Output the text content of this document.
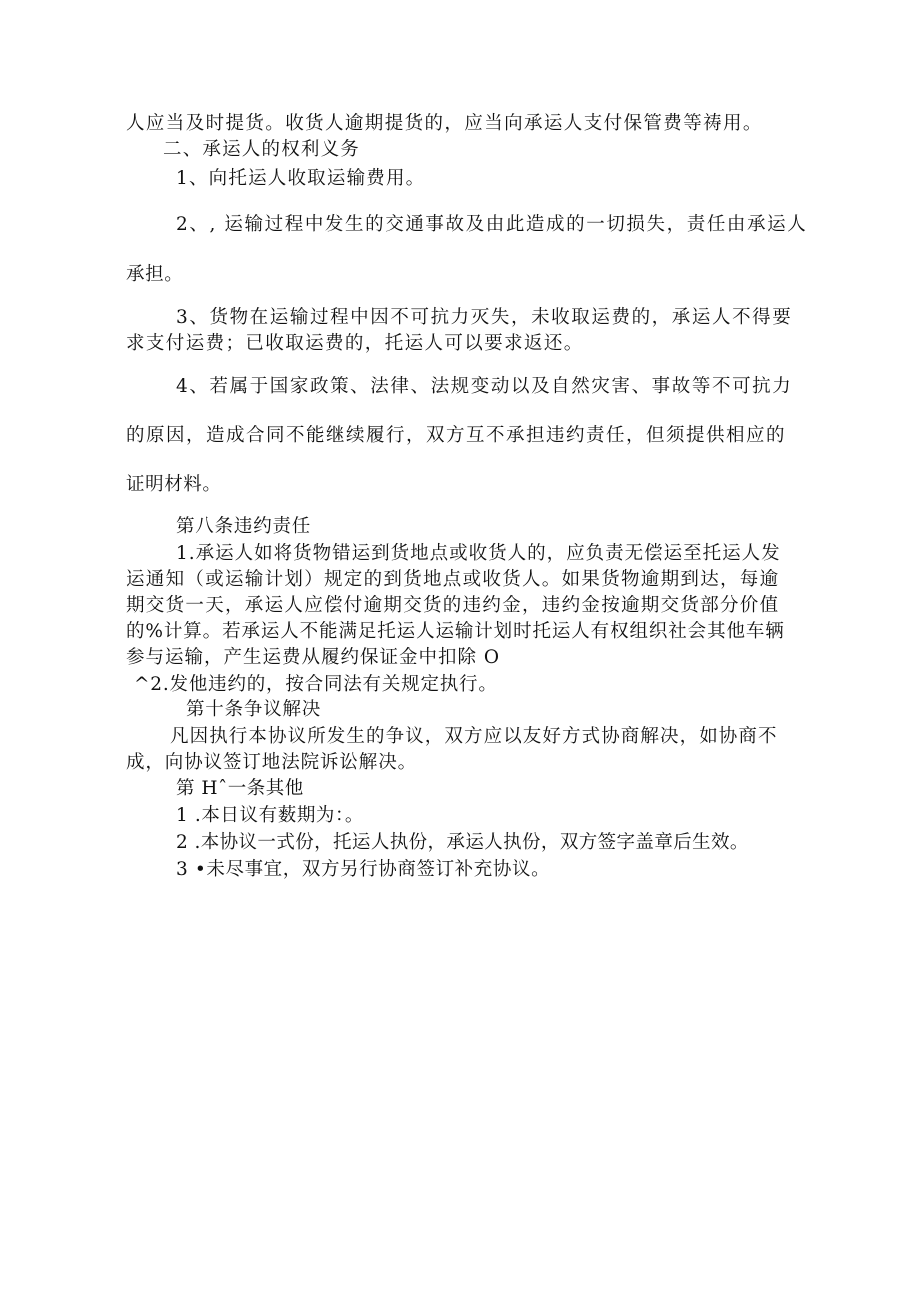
人应当及时提货。收货人逾期提货的，应当向承运人支付保管费等祷用。

二、承运人的权利义务

1、向托运人收取运输费用。

2、, 运输过程中发生的交通事故及由此造成的一切损失，责任由承运人

承担。

3、货物在运输过程中因不可抗力灭失，未收取运费的，承运人不得要

求支付运费；已收取运费的，托运人可以要求返还。

4、若属于国家政策、法律、法规变动以及自然灾害、事故等不可抗力

的原因，造成合同不能继续履行，双方互不承担违约责任，但须提供相应的

证明材料。

第八条违约责任

1.承运人如将货物错运到货地点或收货人的，应负责无偿运至托运人发

运通知（或运输计划）规定的到货地点或收货人。如果货物逾期到达，每逾

期交货一天，承运人应偿付逾期交货的违约金，违约金按逾期交货部分价值

的%计算。若承运人不能满足托运人运输计划时托运人有权组织社会其他车辆

参与运输，产生运费从履约保证金中扣除 O

^2.发他违约的，按合同法有关规定执行。

第十条争议解决

凡因执行本协议所发生的争议，双方应以友好方式协商解决，如协商不

成，向协议签订地法院诉讼解决。

第 Hˆ一条其他

1 .本日议有薮期为：。

2 .本协议一式份，托运人执份，承运人执份，双方签字盖章后生效。

3 •未尽事宜，双方另行协商签订补充协议。
